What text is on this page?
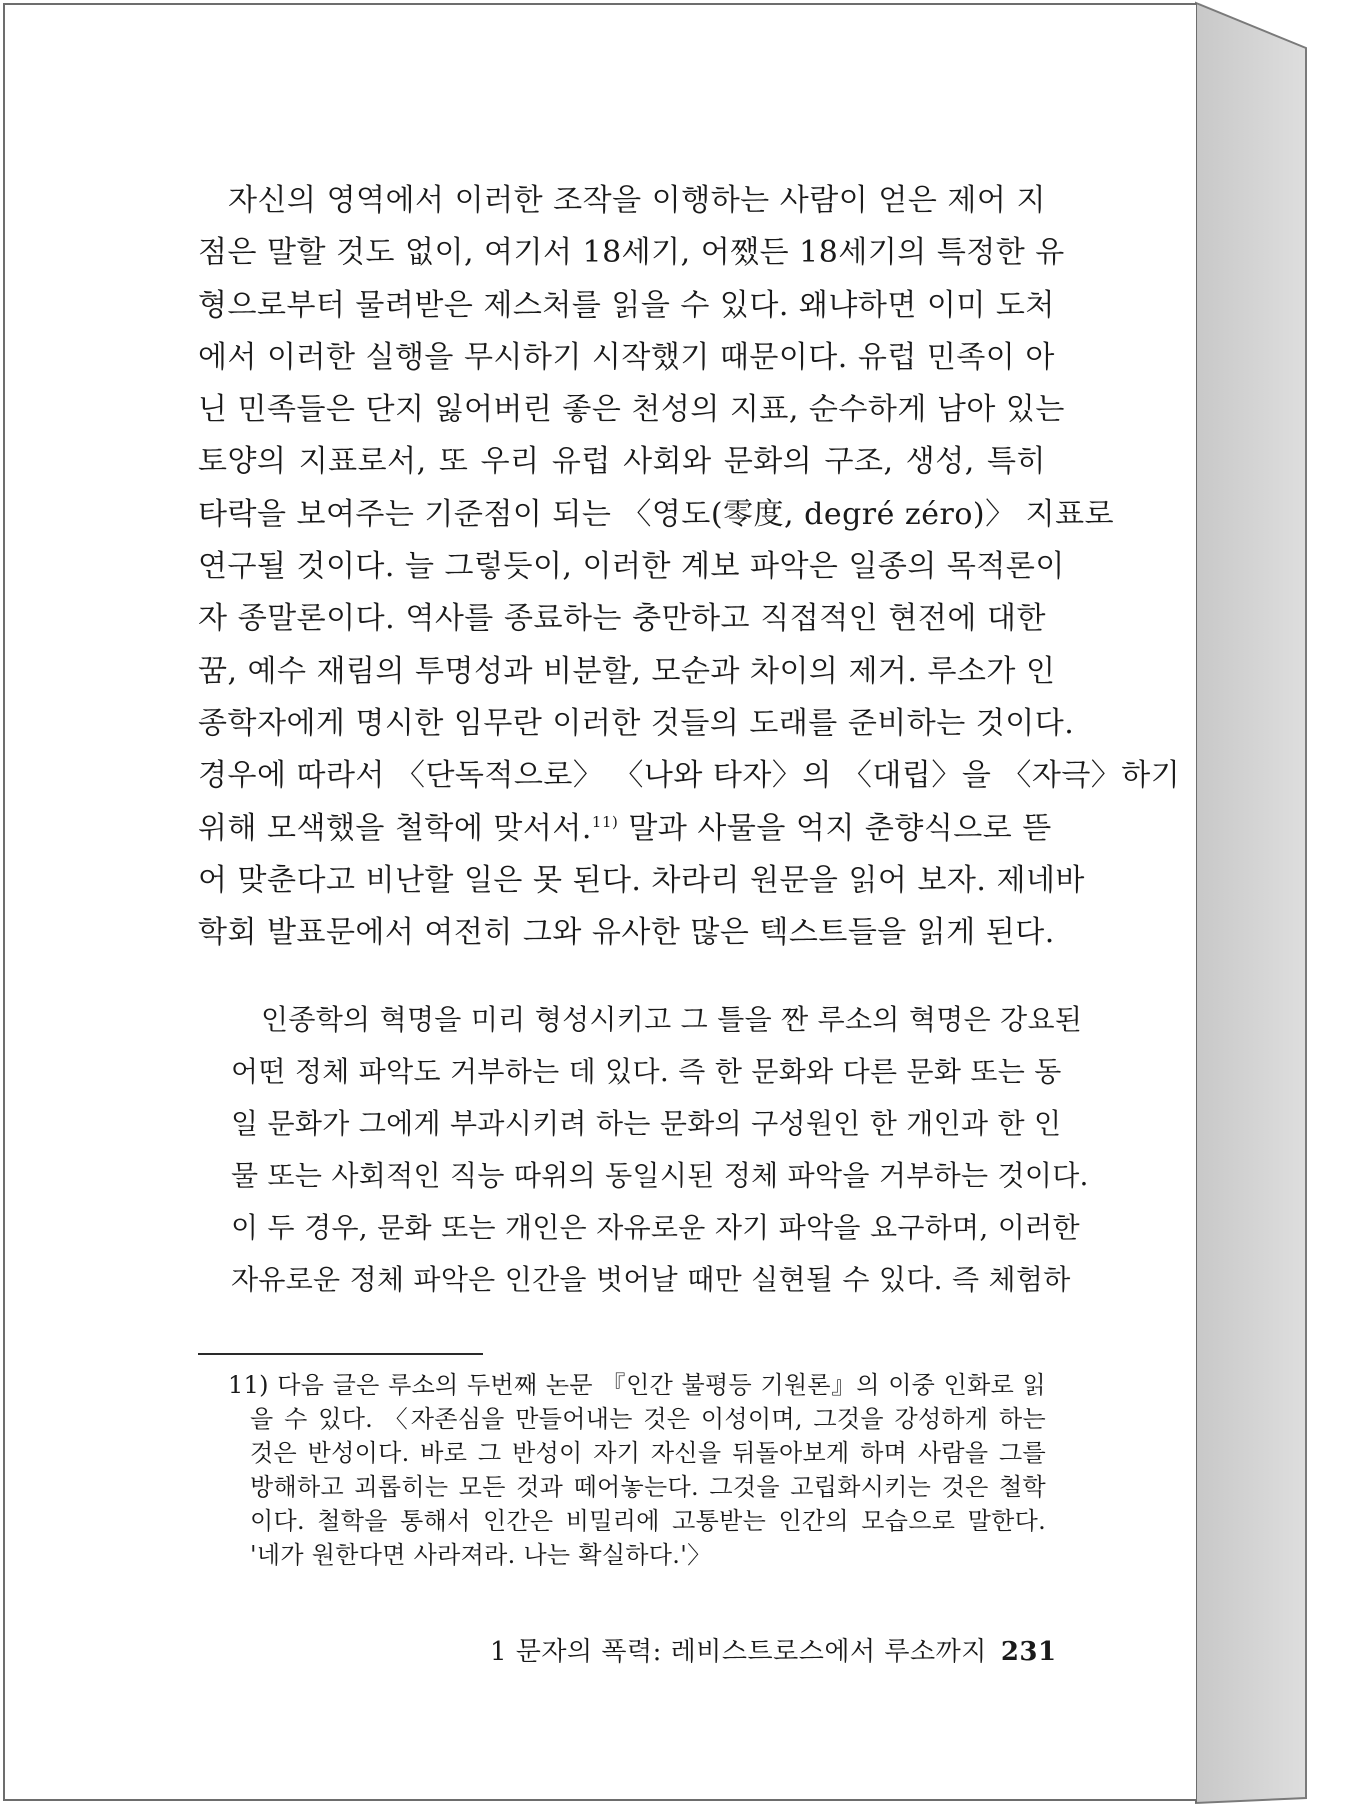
자신의 영역에서 이러한 조작을 이행하는 사람이 얻은 제어 지
점은 말할 것도 없이, 여기서 18세기, 어쨌든 18세기의 특정한 유
형으로부터 물려받은 제스처를 읽을 수 있다. 왜냐하면 이미 도처
에서 이러한 실행을 무시하기 시작했기 때문이다. 유럽 민족이 아
닌 민족들은 단지 잃어버린 좋은 천성의 지표, 순수하게 남아 있는
토양의 지표로서, 또 우리 유럽 사회와 문화의 구조, 생성, 특히
타락을 보여주는 기준점이 되는 〈영도(零度, degré zéro)〉 지표로
연구될 것이다. 늘 그렇듯이, 이러한 계보 파악은 일종의 목적론이
자 종말론이다. 역사를 종료하는 충만하고 직접적인 현전에 대한
꿈, 예수 재림의 투명성과 비분할, 모순과 차이의 제거. 루소가 인
종학자에게 명시한 임무란 이러한 것들의 도래를 준비하는 것이다.
경우에 따라서 〈단독적으로〉 〈나와 타자〉의 〈대립〉을 〈자극〉하기
위해 모색했을 철학에 맞서서.$^{11)}$ 말과 사물을 억지 춘향식으로 뜯
어 맞춘다고 비난할 일은 못 된다. 차라리 원문을 읽어 보자. 제네바
학회 발표문에서 여전히 그와 유사한 많은 텍스트들을 읽게 된다.
인종학의 혁명을 미리 형성시키고 그 틀을 짠 루소의 혁명은 강요된
어떤 정체 파악도 거부하는 데 있다. 즉 한 문화와 다른 문화 또는 동
일 문화가 그에게 부과시키려 하는 문화의 구성원인 한 개인과 한 인
물 또는 사회적인 직능 따위의 동일시된 정체 파악을 거부하는 것이다.
이 두 경우, 문화 또는 개인은 자유로운 자기 파악을 요구하며, 이러한
자유로운 정체 파악은 인간을 벗어날 때만 실현될 수 있다. 즉 체험하
11) 다음 글은 루소의 두번째 논문 『인간 불평등 기원론』의 이중 인화로 읽
을 수 있다. 〈자존심을 만들어내는 것은 이성이며, 그것을 강성하게 하는
것은 반성이다. 바로 그 반성이 자기 자신을 뒤돌아보게 하며 사람을 그를
방해하고 괴롭히는 모든 것과 떼어놓는다. 그것을 고립화시키는 것은 철학
이다. 철학을 통해서 인간은 비밀리에 고통받는 인간의 모습으로 말한다.
'네가 원한다면 사라져라. 나는 확실하다.'〉
1 문자의 폭력: 레비스트로스에서 루소까지 231
